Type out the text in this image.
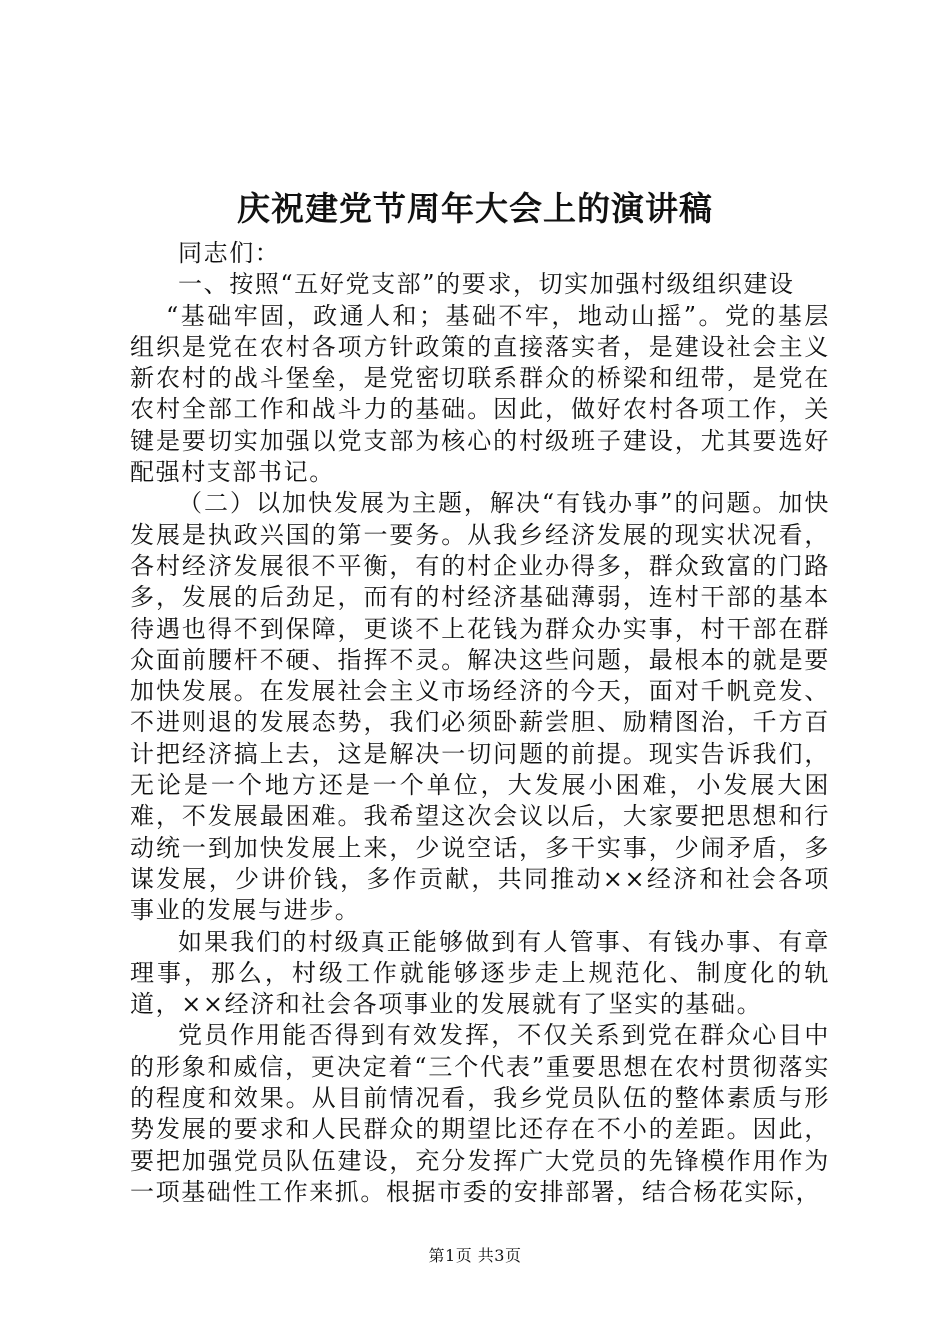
庆祝建党节周年大会上的演讲稿

同志们：

一、按照“五好党支部”的要求，切实加强村级组织建设

“基础牢固，政通人和；基础不牢，地动山摇”。党的基层组织是党在农村各项方针政策的直接落实者，是建设社会主义新农村的战斗堡垒，是党密切联系群众的桥梁和纽带，是党在农村全部工作和战斗力的基础。因此，做好农村各项工作，关键是要切实加强以党支部为核心的村级班子建设，尤其要选好配强村支部书记。

（二）以加快发展为主题，解决“有钱办事”的问题。加快发展是执政兴国的第一要务。从我乡经济发展的现实状况看，各村经济发展很不平衡，有的村企业办得多，群众致富的门路多，发展的后劲足，而有的村经济基础薄弱，连村干部的基本待遇也得不到保障，更谈不上花钱为群众办实事，村干部在群众面前腰杆不硬、指挥不灵。解决这些问题，最根本的就是要加快发展。在发展社会主义市场经济的今天，面对千帆竞发、不进则退的发展态势，我们必须卧薪尝胆、励精图治，千方百计把经济搞上去，这是解决一切问题的前提。现实告诉我们，无论是一个地方还是一个单位，大发展小困难，小发展大困难，不发展最困难。我希望这次会议以后，大家要把思想和行动统一到加快发展上来，少说空话，多干实事，少闹矛盾，多谋发展，少讲价钱，多作贡献，共同推动××经济和社会各项事业的发展与进步。

如果我们的村级真正能够做到有人管事、有钱办事、有章理事，那么，村级工作就能够逐步走上规范化、制度化的轨道，××经济和社会各项事业的发展就有了坚实的基础。

党员作用能否得到有效发挥，不仅关系到党在群众心目中的形象和威信，更决定着“三个代表”重要思想在农村贯彻落实的程度和效果。从目前情况看，我乡党员队伍的整体素质与形势发展的要求和人民群众的期望比还存在不小的差距。因此，要把加强党员队伍建设，充分发挥广大党员的先锋模作用作为一项基础性工作来抓。根据市委的安排部署，结合杨花实际，

第1页 共3页
